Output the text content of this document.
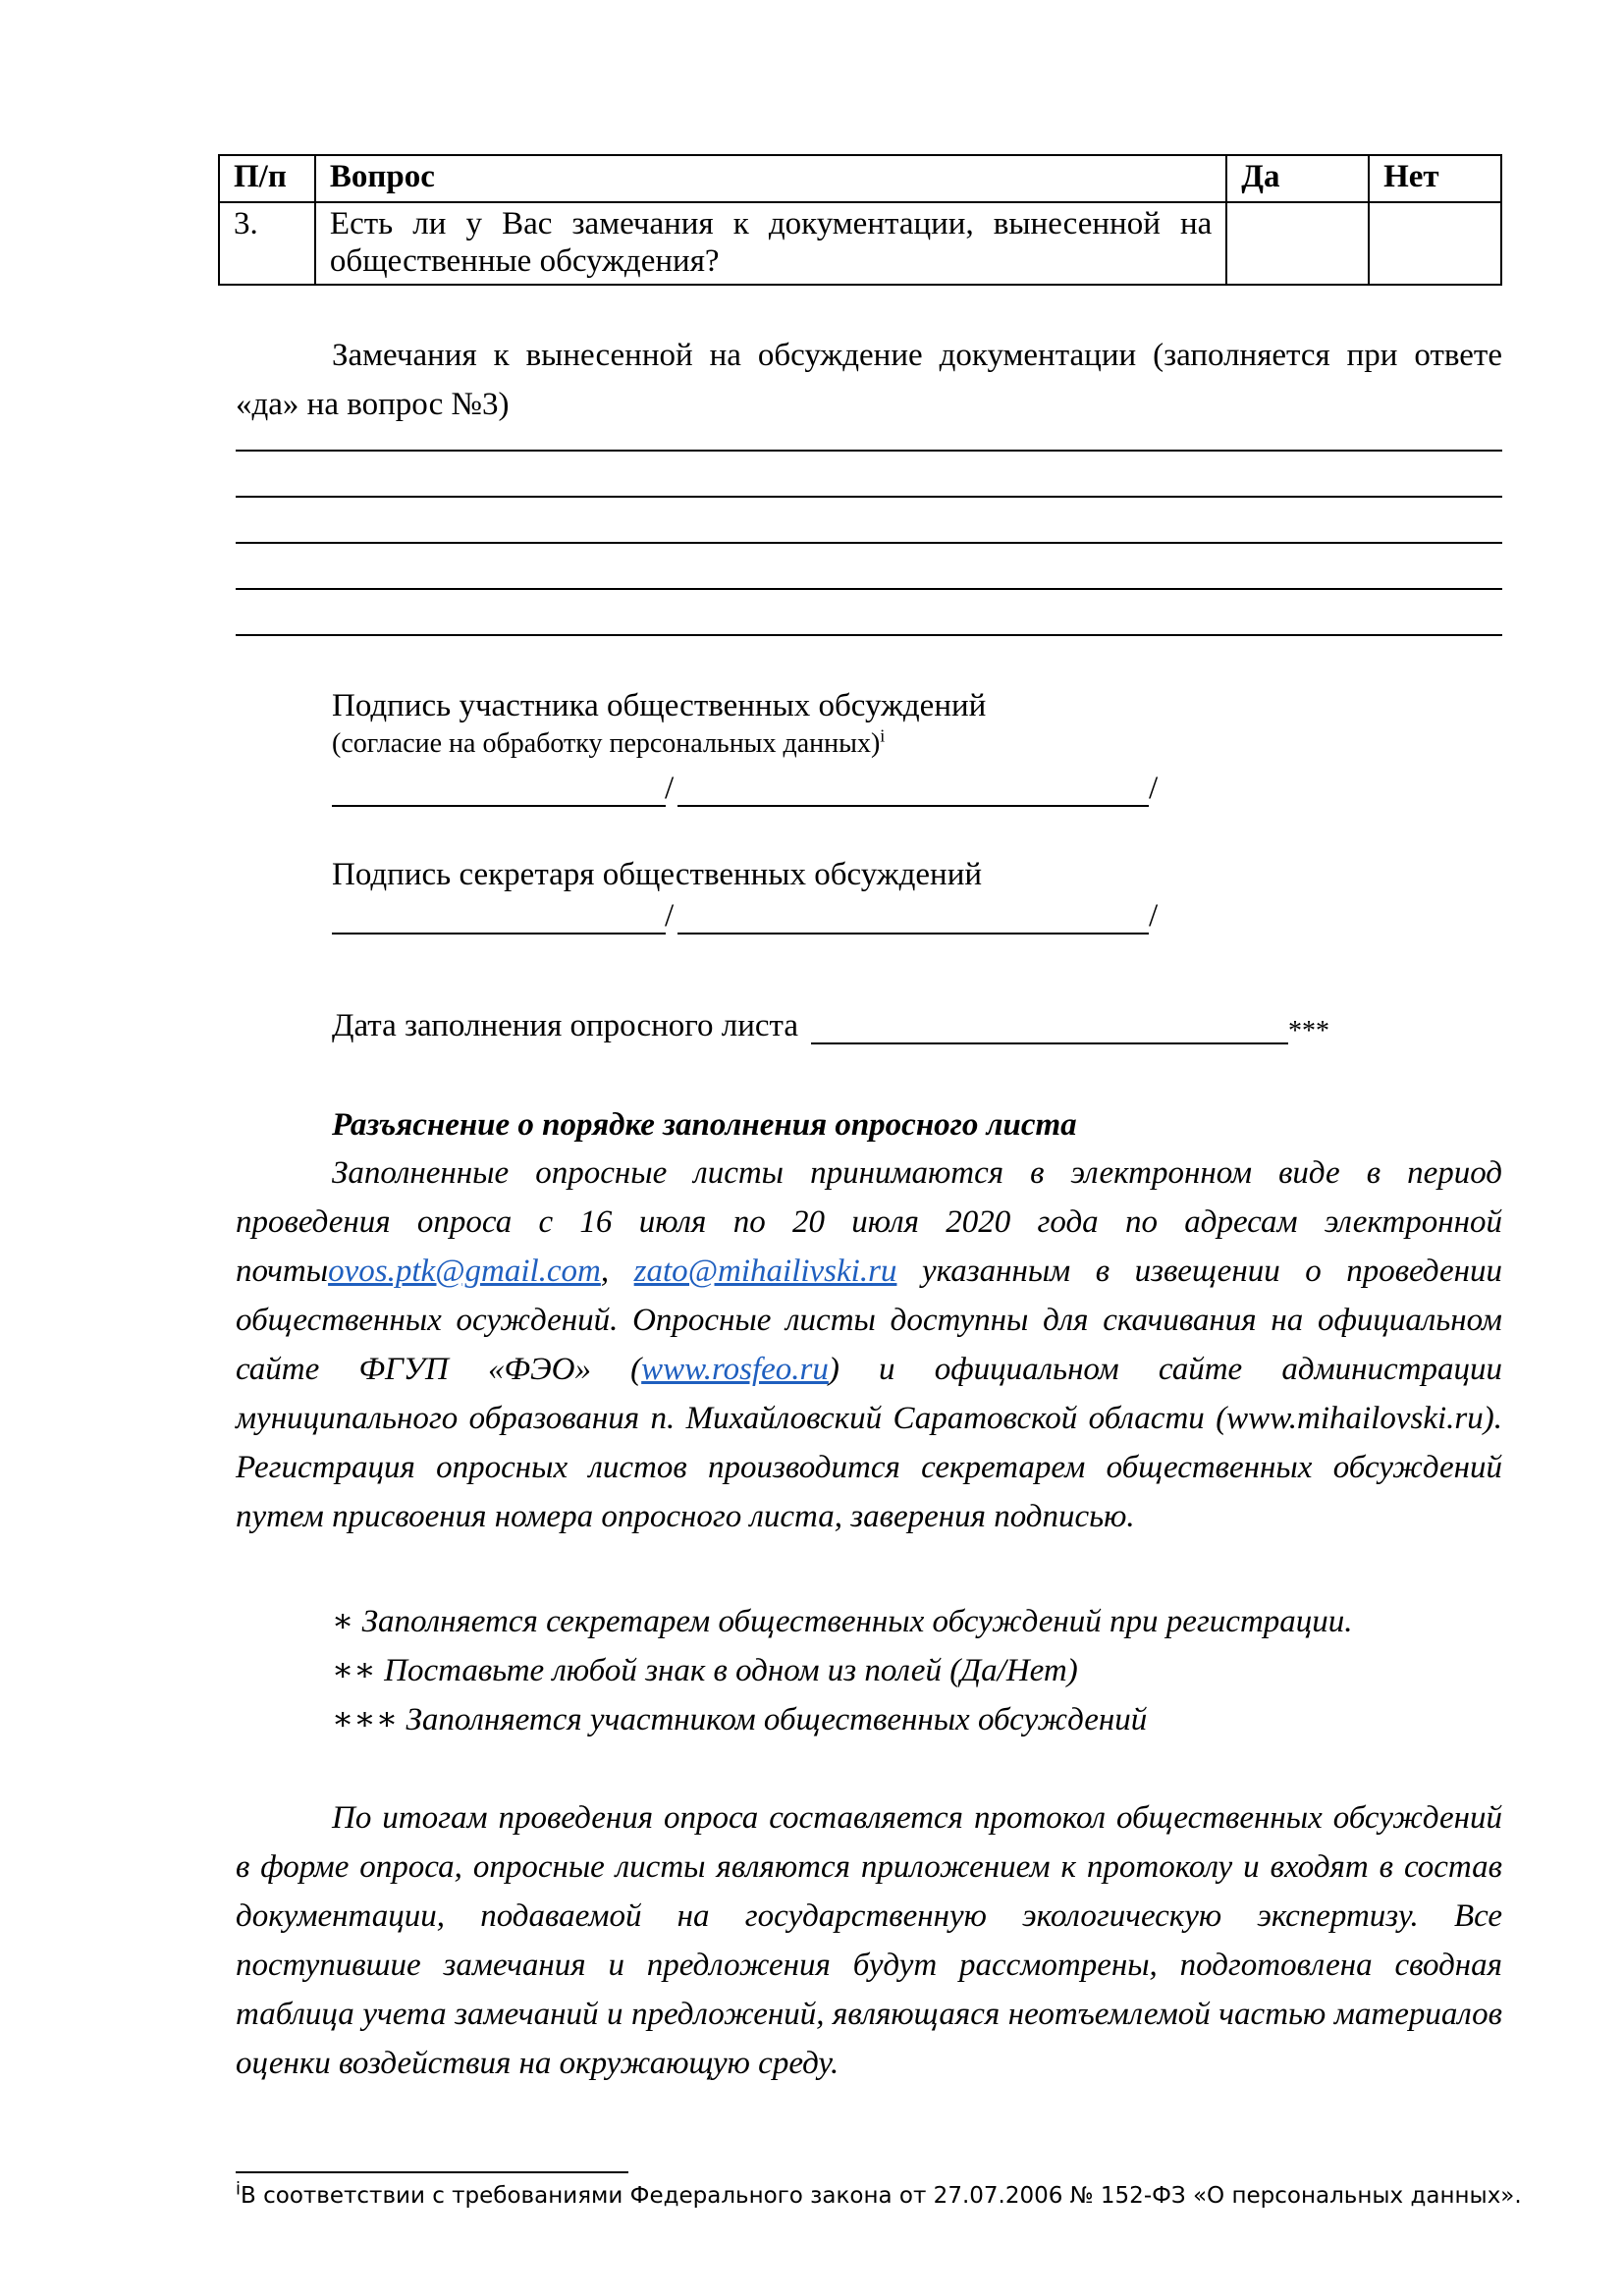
П/п	Вопрос	Да	Нет
3.	Есть ли у Вас замечания к документации, вынесенной на общественные обсуждения?		
Замечания к вынесенной на обсуждение документации (заполняется при ответе «да» на вопрос №3)
Подпись участника общественных обсуждений
(согласие на обработку персональных данных)$^i$
/	/
Подпись секретаря общественных обсуждений
/	/
Дата заполнения опросного листа	***
Разъяснение о порядке заполнения опросного листа
Заполненные опросные листы принимаются в электронном виде в период проведения опроса с 16 июля по 20 июля 2020 года по адресам электронной почтыovos.ptk@gmail.com, zato@mihailivski.ru указанным в извещении о проведении общественных осуждений. Опросные листы доступны для скачивания на официальном сайте ФГУП «ФЭО» (www.rosfeo.ru) и официальном сайте администрации муниципального образования п. Михайловский Саратовской области (www.mihailovski.ru). Регистрация опросных листов производится секретарем общественных обсуждений путем присвоения номера опросного листа, заверения подписью.
∗ Заполняется секретарем общественных обсуждений при регистрации.
∗∗ Поставьте любой знак в одном из полей (Да/Нет)
∗∗∗ Заполняется участником общественных обсуждений
По итогам проведения опроса составляется протокол общественных обсуждений в форме опроса, опросные листы являются приложением к протоколу и входят в состав документации, подаваемой на государственную экологическую экспертизу. Все поступившие замечания и предложения будут рассмотрены, подготовлена сводная таблица учета замечаний и предложений, являющаяся неотъемлемой частью материалов оценки воздействия на окружающую среду.
$^i$В соответствии с требованиями Федерального закона от 27.07.2006 № 152-ФЗ «О персональных данных».
